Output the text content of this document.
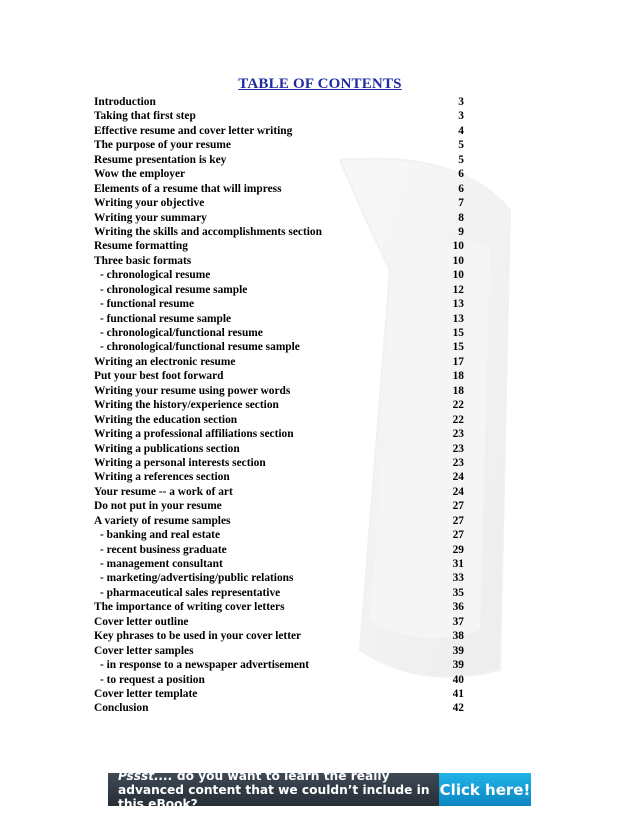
TABLE OF CONTENTS
Introduction	3
Taking that first step	3
Effective resume and cover letter writing	4
The purpose of your resume	5
Resume presentation is key	5
Wow the employer	6
Elements of a resume that will impress	6
Writing your objective	7
Writing your summary	8
Writing the skills and accomplishments section	9
Resume formatting	10
Three basic formats	10
- chronological resume	10
- chronological resume sample	12
- functional resume	13
- functional resume sample	13
- chronological/functional resume	15
- chronological/functional resume sample	15
Writing an electronic resume	17
Put your best foot forward	18
Writing your resume using power words	18
Writing the history/experience section	22
Writing the education section	22
Writing a professional affiliations section	23
Writing a publications section	23
Writing a personal interests section	23
Writing a references section	24
Your resume -- a work of art	24
Do not put in your resume	27
A variety of resume samples	27
- banking and real estate	27
- recent business graduate	29
- management consultant	31
- marketing/advertising/public relations	33
- pharmaceutical sales representative	35
The importance of writing cover letters	36
Cover letter outline	37
Key phrases to be used in your cover letter	38
Cover letter samples	39
- in response to a newspaper advertisement	39
- to request a position	40
Cover letter template	41
Conclusion	42
Pssst.... do you want to learn the really advanced content that we couldn’t include in this eBook?
Click here!
